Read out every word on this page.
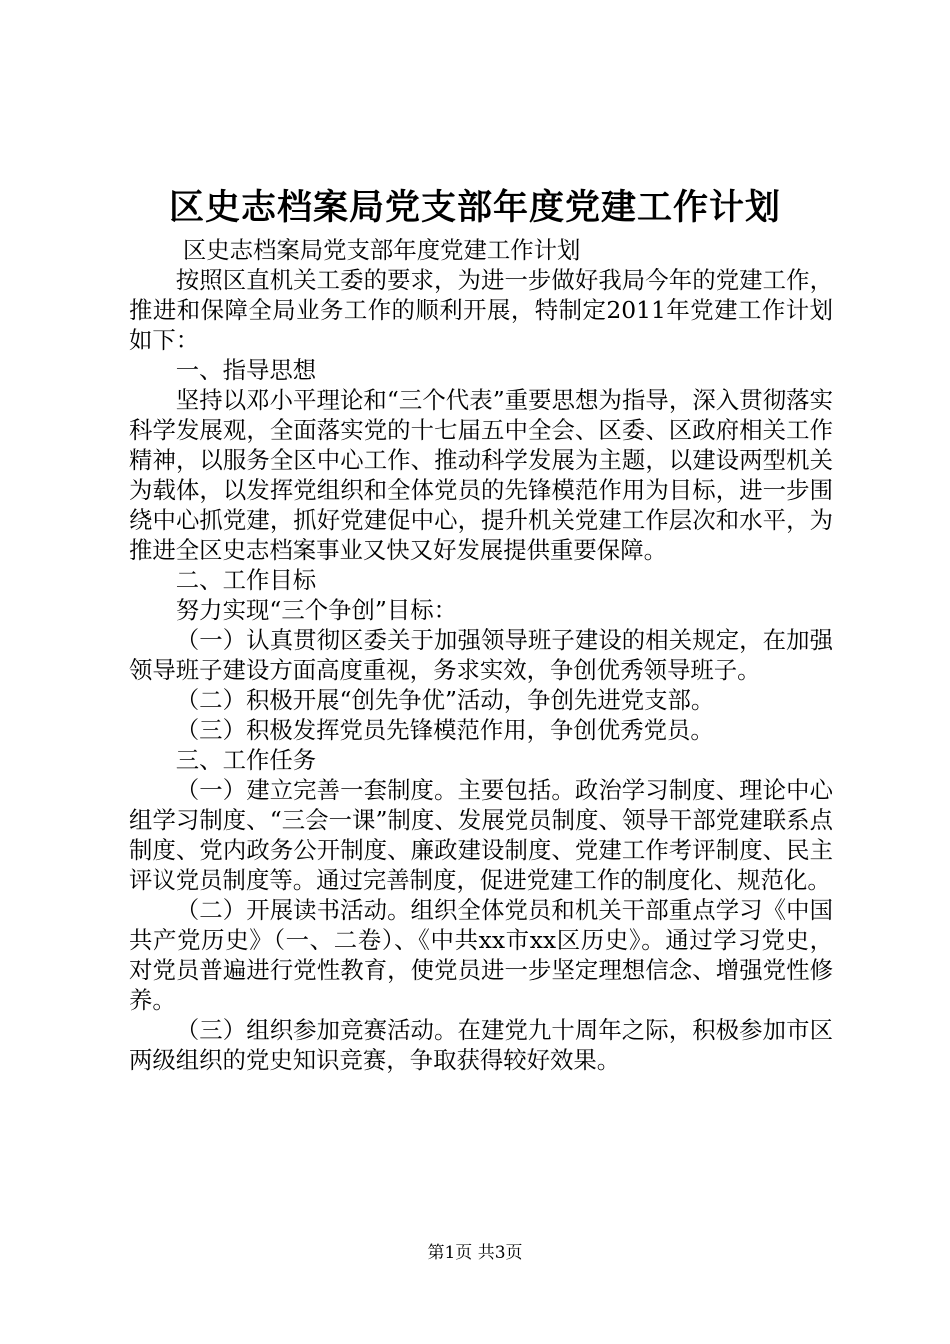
区史志档案局党支部年度党建工作计划

区史志档案局党支部年度党建工作计划

按照区直机关工委的要求，为进一步做好我局今年的党建工作，推进和保障全局业务工作的顺利开展，特制定2011年党建工作计划如下：

一、指导思想

坚持以邓小平理论和“三个代表”重要思想为指导，深入贯彻落实科学发展观，全面落实党的十七届五中全会、区委、区政府相关工作精神，以服务全区中心工作、推动科学发展为主题，以建设两型机关为载体，以发挥党组织和全体党员的先锋模范作用为目标，进一步围绕中心抓党建，抓好党建促中心，提升机关党建工作层次和水平，为推进全区史志档案事业又快又好发展提供重要保障。

二、工作目标

努力实现“三个争创”目标：

（一）认真贯彻区委关于加强领导班子建设的相关规定，在加强领导班子建设方面高度重视，务求实效，争创优秀领导班子。

（二）积极开展“创先争优”活动，争创先进党支部。

（三）积极发挥党员先锋模范作用，争创优秀党员。

三、工作任务

（一）建立完善一套制度。主要包括。政治学习制度、理论中心组学习制度、“三会一课”制度、发展党员制度、领导干部党建联系点制度、党内政务公开制度、廉政建设制度、党建工作考评制度、民主评议党员制度等。通过完善制度，促进党建工作的制度化、规范化。

（二）开展读书活动。组织全体党员和机关干部重点学习《中国共产党历史》（一、二卷）、《中共xx市xx区历史》。通过学习党史，对党员普遍进行党性教育，使党员进一步坚定理想信念、增强党性修养。

（三）组织参加竞赛活动。在建党九十周年之际，积极参加市区两级组织的党史知识竞赛，争取获得较好效果。

第1页 共3页
